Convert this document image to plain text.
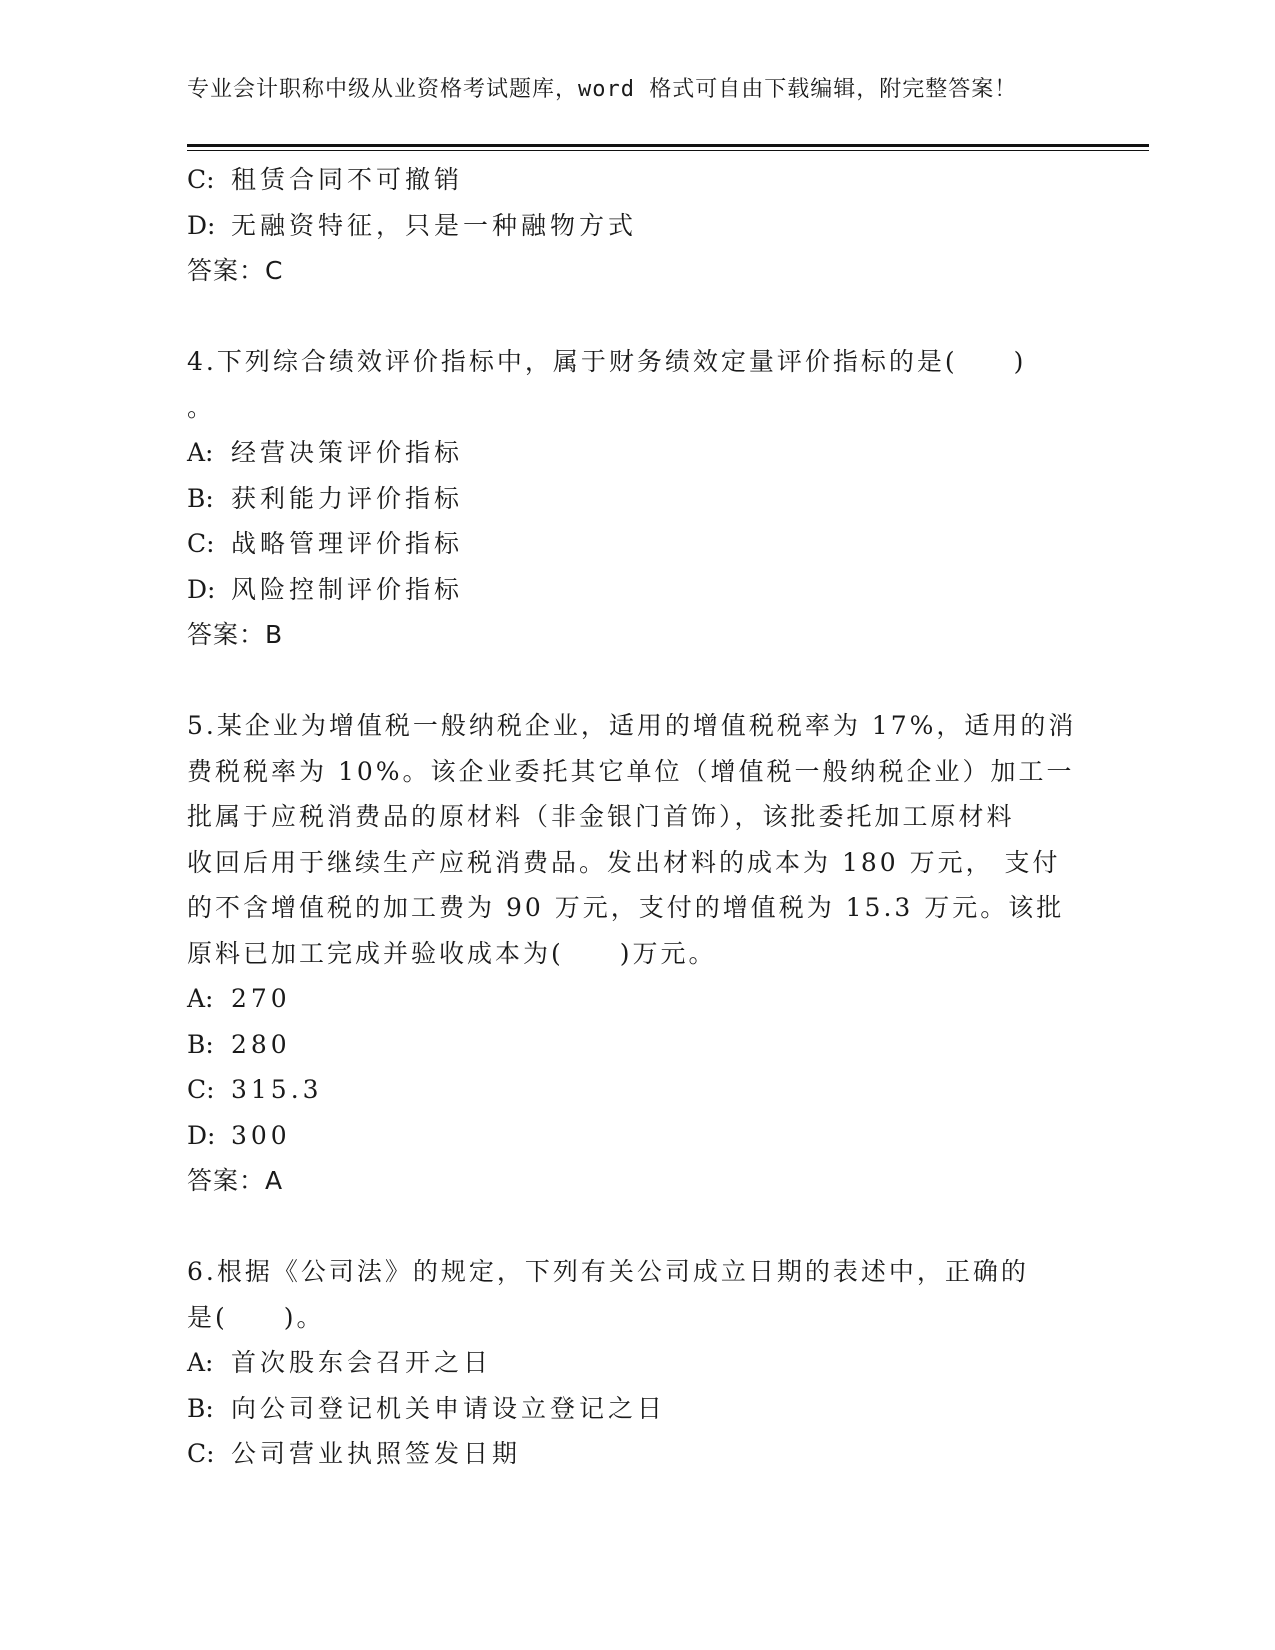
专业会计职称中级从业资格考试题库，word 格式可自由下载编辑，附完整答案！
C: 租赁合同不可撤销
D: 无融资特征，只是一种融物方式
答案：C
4.下列综合绩效评价指标中，属于财务绩效定量评价指标的是(　　)
。
A: 经营决策评价指标
B: 获利能力评价指标
C: 战略管理评价指标
D: 风险控制评价指标
答案：B
5.某企业为增值税一般纳税企业，适用的增值税税率为 17%，适用的消
费税税率为 10%。该企业委托其它单位（增值税一般纳税企业）加工一
批属于应税消费品的原材料（非金银门首饰），该批委托加工原材料
收回后用于继续生产应税消费品。发出材料的成本为 180 万元， 支付
的不含增值税的加工费为 90 万元，支付的增值税为 15.3 万元。该批
原料已加工完成并验收成本为(　　)万元。
A: 270
B: 280
C: 315.3
D: 300
答案：A
6.根据《公司法》的规定，下列有关公司成立日期的表述中，正确的
是(　　)。
A: 首次股东会召开之日
B: 向公司登记机关申请设立登记之日
C: 公司营业执照签发日期
